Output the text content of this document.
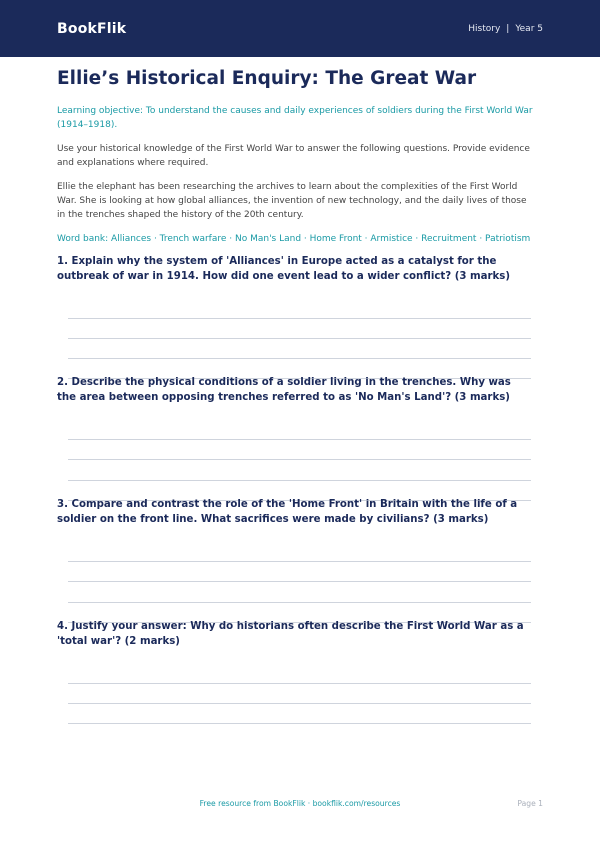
BookFlik	History | Year 5
Ellie’s Historical Enquiry: The Great War
Learning objective: To understand the causes and daily experiences of soldiers during the First World War (1914–1918).
Use your historical knowledge of the First World War to answer the following questions. Provide evidence and explanations where required.
Ellie the elephant has been researching the archives to learn about the complexities of the First World War. She is looking at how global alliances, the invention of new technology, and the daily lives of those in the trenches shaped the history of the 20th century.
Word bank: Alliances · Trench warfare · No Man's Land · Home Front · Armistice · Recruitment · Patriotism
1. Explain why the system of 'Alliances' in Europe acted as a catalyst for the outbreak of war in 1914. How did one event lead to a wider conflict? (3 marks)
2. Describe the physical conditions of a soldier living in the trenches. Why was the area between opposing trenches referred to as 'No Man's Land'? (3 marks)
3. Compare and contrast the role of the 'Home Front' in Britain with the life of a soldier on the front line. What sacrifices were made by civilians? (3 marks)
4. Justify your answer: Why do historians often describe the First World War as a 'total war'? (2 marks)
Free resource from BookFlik · bookflik.com/resources	Page 1
